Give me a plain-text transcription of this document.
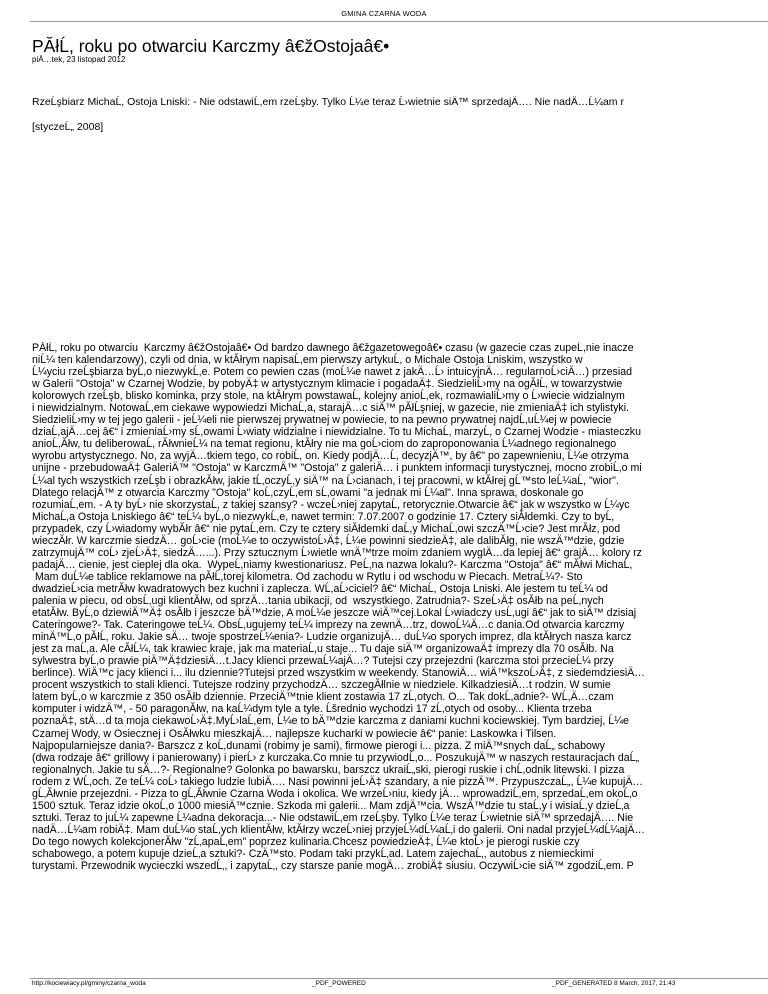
GMINA CZARNA WODA
PĂłĹ, roku po otwarciu Karczmy â€žOstojaâ€•
piÄ…tek, 23 listopad 2012
RzeĹşbiarz MichaĹ, Ostoja Lniski: - Nie odstawiĹ,em rzeĹşby. Tylko Ĺ¼e teraz Ĺ›wietnie siÄ™ sprzedajÄ…. Nie nadÄ…Ĺ¼am r
[styczeĹ„ 2008]
PĂłĹ, roku po otwarciu  Karczmy â€žOstojaâ€• Od bardzo dawnego â€žgazetowegoâ€• czasu (w gazecie czas zupeĹ,nie inacze
niĹ¼ ten kalendarzowy), czyli od dnia, w ktĂłrym napisaĹ,em pierwszy artykuĹ, o Michale Ostoja Lniskim, wszystko w
Ĺ¼yciu rzeĹşbiarza byĹ,o niezwykĹ,e. Potem co pewien czas (moĹ¼e nawet z jakÄ…Ĺ› intuicyjnÄ… regularnoĹ›ciÄ…) przesiad
w Galerii "Ostoja" w Czarnej Wodzie, by pobyÄ‡ w artystycznym klimacie i pogadaÄ‡. SiedzieliĹ›my na ogĂłĹ, w towarzystwie
kolorowych rzeĹşb, blisko kominka, przy stole, na ktĂłrym powstawaĹ, kolejny anioĹ,ek, rozmawialiĹ›my o Ĺ›wiecie widzialnym
i niewidzialnym. NotowaĹ,em ciekawe wypowiedzi MichaĹ,a, starajÄ…c siÄ™ pĂłĹşniej, w gazecie, nie zmieniaÄ‡ ich stylistyki.
SiedzieliĹ›my w tej jego galerii - jeĹ¼eli nie pierwszej prywatnej w powiecie, to na pewno prywatnej najdĹ,uĹ¼ej w powiecie
dziaĹ,ajÄ…cej â€“ i zmieniaĹ›my sĹ,owami Ĺ›wiaty widzialne i niewidzialne. To tu MichaĹ, marzyĹ, o Czarnej Wodzie - miasteczku
anioĹ,Ăłw, tu deliberowaĹ, rĂłwnieĹ¼ na temat regionu, ktĂłry nie ma goĹ›ciom do zaproponowania Ĺ¼adnego regionalnego
wyrobu artystycznego. No, za wyjÄ…tkiem tego, co robiĹ, on. Kiedy podjÄ…Ĺ, decyzjÄ™, by â€" po zapewnieniu, Ĺ¼e otrzyma
unijne - przebudowaÄ‡ GaleriÄ™ "Ostoja" w KarczmÄ™ "Ostoja" z galeriÄ… i punktem informacji turystycznej, mocno zrobiĹ,o mi
Ĺ¼al tych wszystkich rzeĹşb i obrazkĂłw, jakie tĹ,oczyĹ,y siÄ™ na Ĺ›cianach, i tej pracowni, w ktĂłrej gĹ™sto leĹ¼aĹ, "wior".
Dlatego relacjÄ™ z otwarcia Karczmy "Ostoja" koĹ,czyĹ,em sĹ,owami "a jednak mi Ĺ¼al". Inna sprawa, doskonale go
rozumiaĹ,em. - A ty byĹ› nie skorzystaĹ, z takiej szansy? - wczeĹ›niej zapytaĹ, retorycznie.Otwarcie â€“ jak w wszystko w Ĺ¼yc
MichaĹ,a Ostoja Lniskiego â€“ teĹ¼ byĹ,o niezwykĹ,e, nawet termin: 7.07.2007 o godzinie 17. Cztery siĂłdemki. Czy to byĹ,
przypadek, czy Ĺ›wiadomy wybĂłr â€“ nie pytaĹ,em. Czy te cztery siĂłdemki daĹ,y MichaĹ,owi szczÄ™Ĺ›cie? Jest mrĂłz, pod
wieczĂłr. W karczmie siedzÄ… goĹ›cie (moĹ¼e to oczywistoĹ›Ä‡, Ĺ¼e powinni siedzieÄ‡, ale dalibĂłg, nie wszÄ™dzie, gdzie
zatrzymujÄ™ coĹ› zjeĹ›Ä‡, siedzÄ…...). Przy sztucznym Ĺ›wietle wnÄ™trze moim zdaniem wyglÄ…da lepiej â€“ grajÄ… kolory rz
padajÄ… cienie, jest cieplej dla oka.  WypeĹ,niamy kwestionariusz. PeĹ,na nazwa lokalu?- Karczma "Ostoja" â€“ mĂłwi MichaĹ,
Mam duĹ¼e tablice reklamowe na pĂłĹ,torej kilometra. Od zachodu w Rytlu i od wschodu w Piecach. MetraĹ¼?- Sto
dwadzieĹ›cia metrĂłw kwadratowych bez kuchni i zaplecza. WĹ,aĹ›ciciel? â€“ MichaĹ, Ostoja Lniski. Ale jestem tu teĹ¼ od
palenia w piecu, od obsĹ,ugi klientĂłw, od sprzÄ…tania ubikacji, od  wszystkiego. Zatrudnia?- SzeĹ›Ä‡ osĂłb na peĹ,nych
etatĂłw. ByĹ,o dziewiÄ™Ä‡ osĂłb i jeszcze bÄ™dzie, A moĹ¼e jeszcze wiÄ™cej.Lokal Ĺ›wiadczy usĹ,ugi â€“ jak to siÄ™ dzisiaj
Cateringowe?- Tak. Cateringowe teĹ¼. ObsĹ,ugujemy teĹ¼ imprezy na zewnÄ…trz, dowoĹ¼Ä…c dania.Od otwarcia karczmy
minÄ™Ĺ,o pĂłĹ, roku. Jakie sÄ… twoje spostrzeĹ¼enia?- Ludzie organizujÄ… duĹ¼o sporych imprez, dla ktĂłrych nasza karcz
jest za maĹ,a. Ale cĂłĹ¼, tak krawiec kraje, jak ma materiaĹ,u staje... Tu daje siÄ™ organizowaÄ‡ imprezy dla 70 osĂłb. Na
sylwestra byĹ,o prawie piÄ™Ä‡dziesiÄ…t.Jacy klienci przewaĹ¼ajÄ…? Tutejsi czy przejezdni (karczma stoi przecieĹ¼ przy
berlince). WiÄ™c jacy klienci i... ilu dziennie?Tutejsi przed wszystkim w weekendy. StanowiÄ… wiÄ™kszoĹ›Ä‡, z siedemdziesiÄ…
procent wszystkich to stali klienci. Tutejsze rodziny przychodzÄ… szczegĂłlnie w niedziele. KilkadziesiÄ…t rodzin. W sumie
latem byĹ,o w karczmie z 350 osĂłb dziennie. PrzeciÄ™tnie klient zostawia 17 zĹ,otych. O... Tak dokĹ,adnie?- WĹ,Ä…czam
komputer i widzÄ™, - 50 paragonĂłw, na kaĹ¼dym tyle a tyle. Ĺšrednio wychodzi 17 zĹ,otych od osoby... Klienta trzeba
poznaÄ‡, stÄ…d ta moja ciekawoĹ›Ä‡.MyĹ›laĹ,em, Ĺ¼e to bÄ™dzie karczma z daniami kuchni kociewskiej. Tym bardziej, Ĺ¼e
Czarnej Wody, w Osiecznej i OsĂłwku mieszkajÄ… najlepsze kucharki w powiecie â€“ panie: Laskowka i Tilsen.
Najpopularniejsze dania?- Barszcz z koĹ,dunami (robimy je sami), firmowe pierogi i... pizza. Z miÄ™snych daĹ„ schabowy
(dwa rodzaje â€“ grillowy i panierowany) i pierĹ› z kurczaka.Co mnie tu przywiodĹ,o... PoszukujÄ™ w naszych restauracjach daĹ„
regionalnych. Jakie tu sÄ…?- Regionalne? Golonka po bawarsku, barszcz ukraiĹ„ski, pierogi ruskie i chĹ,odnik litewski. I pizza
rodem z WĹ,och. Ze teĹ¼ coĹ› takiego ludzie lubiÄ…. Nasi powinni jeĹ›Ä‡ szandary, a nie pizzÄ™. PrzypuszczaĹ„, Ĺ¼e kupujÄ…
gĹ‚Ăłwnie przejezdni. - Pizza to gĹ‚Ăłwnie Czarna Woda i okolica. We wrzeĹ›niu, kiedy jÄ… wprowadziĹ,em, sprzedaĹ,em okoĹ‚o
1500 sztuk. Teraz idzie okoĹ,o 1000 miesiÄ™cznie. Szkoda mi galerii... Mam zdjÄ™cia. WszÄ™dzie tu staĹ,y i wisiaĹ,y dzieĹ‚a
sztuki. Teraz to juĹ¼ zapewne Ĺ¼adna dekoracja...- Nie odstawiĹ,em rzeĹşby. Tylko Ĺ¼e teraz Ĺ›wietnie siÄ™ sprzedajÄ…. Nie
nadÄ…Ĺ¼am robiÄ‡. Mam duĹ¼o staĹ,ych klientĂłw, ktĂłrzy wczeĹ›niej przyjeĹ¼dĹ¼aĹ‚i do galerii. Oni nadal przyjeĹ¼dĹ¼ajÄ…
Do tego nowych kolekcjonerĂłw "zĹ‚apaĹ‚em" poprzez kulinaria.Chcesz powiedzieÄ‡, Ĺ¼e ktoĹ› je pierogi ruskie czy
schabowego, a potem kupuje dzieĹ‚a sztuki?- CzÄ™sto. Podam taki przykĹ‚ad. Latem zajechaĹ‚, autobus z niemieckimi
turystami. Przewodnik wycieczki wszedĹ‚, i zapytaĹ‚, czy starsze panie mogÄ… zrobiÄ‡ siusiu. OczywiĹ›cie siÄ™ zgodziĹ‚em. P
http://kociewiacy.pl/gminy/czarna_woda	_PDF_POWERED	_PDF_GENERATED 8 March, 2017, 21:43
